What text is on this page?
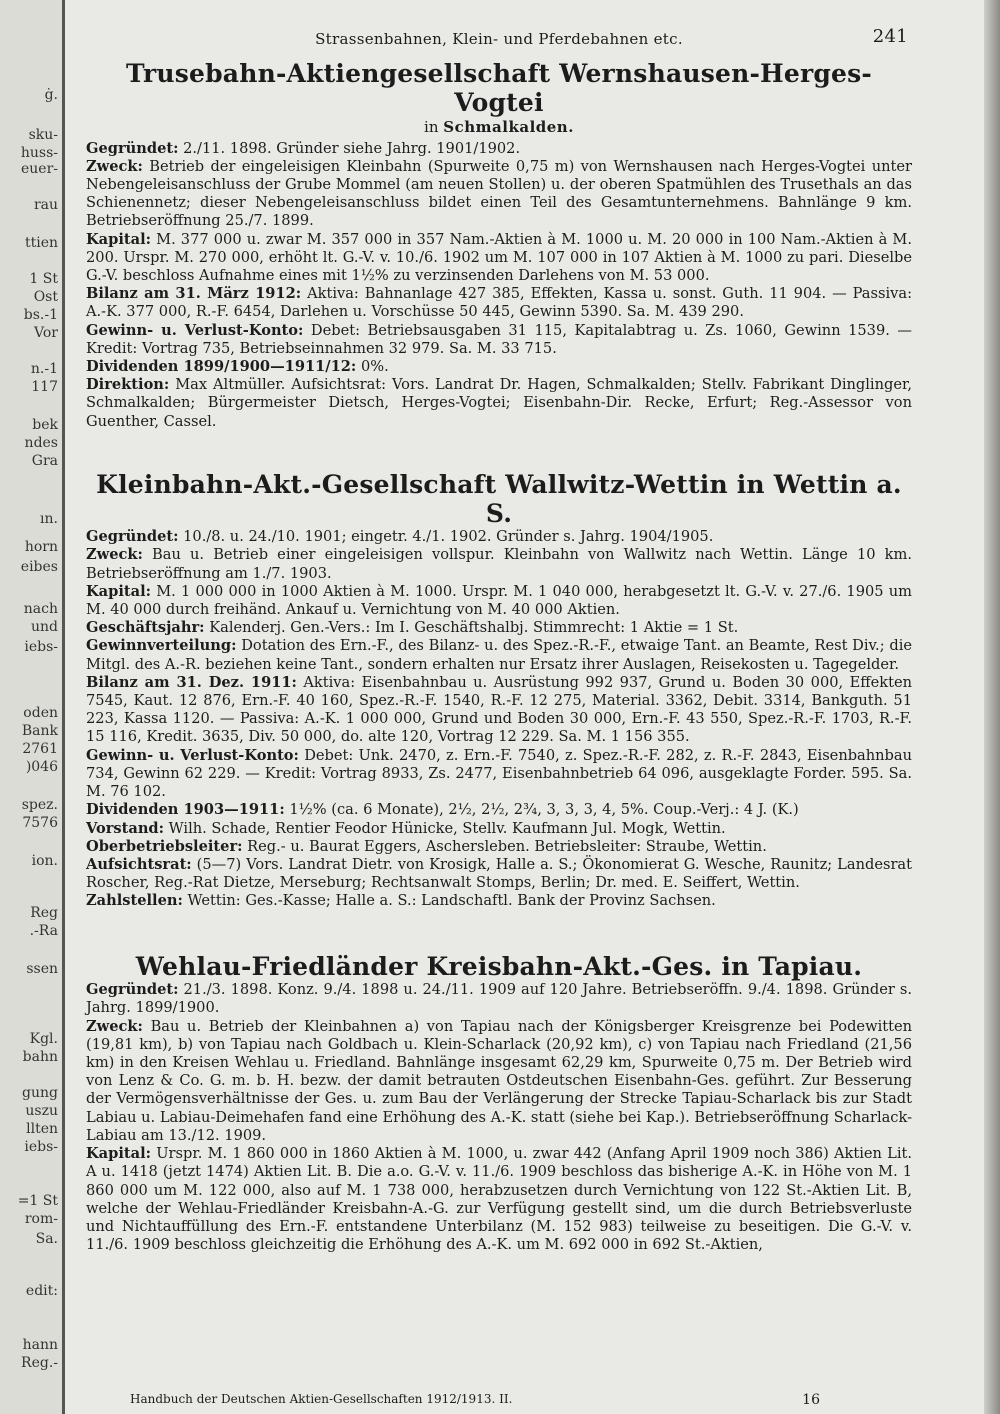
ġ.
sku-
huss-
euer-
rau
ttien
1 St
Ost
bs.-1
Vor
n.-1
117
bek
ndes
Gra
ın.
horn
eibes
nach
und
iebs-
oden
Bank
2761
)046
spez.
7576
ion.
Reg
.-Ra
ssen
Kgl.
bahn
gung
uszu
llten
iebs-
=1 St
rom-
Sa.
edit:
hann
Reg.-
Strassenbahnen, Klein- und Pferdebahnen etc.	241
Trusebahn-Aktiengesellschaft Wernshausen-Herges-Vogtei
in Schmalkalden.

Gegründet: 2./11. 1898. Gründer siehe Jahrg. 1901/1902.

Zweck: Betrieb der eingeleisigen Kleinbahn (Spurweite 0,75 m) von Wernshausen nach Herges-Vogtei unter Nebengeleisanschluss der Grube Mommel (am neuen Stollen) u. der oberen Spatmühlen des Trusethals an das Schienennetz; dieser Nebengeleisanschluss bildet einen Teil des Gesamtunternehmens. Bahnlänge 9 km. Betriebseröffnung 25./7. 1899.

Kapital: M. 377 000 u. zwar M. 357 000 in 357 Nam.-Aktien à M. 1000 u. M. 20 000 in 100 Nam.-Aktien à M. 200. Urspr. M. 270 000, erhöht lt. G.-V. v. 10./6. 1902 um M. 107 000 in 107 Aktien à M. 1000 zu pari. Dieselbe G.-V. beschloss Aufnahme eines mit 1½% zu verzinsenden Darlehens von M. 53 000.

Bilanz am 31. März 1912: Aktiva: Bahnanlage 427 385, Effekten, Kassa u. sonst. Guth. 11 904. — Passiva: A.-K. 377 000, R.-F. 6454, Darlehen u. Vorschüsse 50 445, Gewinn 5390. Sa. M. 439 290.

Gewinn- u. Verlust-Konto: Debet: Betriebsausgaben 31 115, Kapitalabtrag u. Zs. 1060, Gewinn 1539. — Kredit: Vortrag 735, Betriebseinnahmen 32 979. Sa. M. 33 715.

Dividenden 1899/1900—1911/12: 0%.

Direktion: Max Altmüller. Aufsichtsrat: Vors. Landrat Dr. Hagen, Schmalkalden; Stellv. Fabrikant Dinglinger, Schmalkalden; Bürgermeister Dietsch, Herges-Vogtei; Eisenbahn-Dir. Recke, Erfurt; Reg.-Assessor von Guenther, Cassel.

Kleinbahn-Akt.-Gesellschaft Wallwitz-Wettin in Wettin a. S.

Gegründet: 10./8. u. 24./10. 1901; eingetr. 4./1. 1902. Gründer s. Jahrg. 1904/1905.

Zweck: Bau u. Betrieb einer eingeleisigen vollspur. Kleinbahn von Wallwitz nach Wettin. Länge 10 km. Betriebseröffnung am 1./7. 1903.

Kapital: M. 1 000 000 in 1000 Aktien à M. 1000. Urspr. M. 1 040 000, herabgesetzt lt. G.-V. v. 27./6. 1905 um M. 40 000 durch freihänd. Ankauf u. Vernichtung von M. 40 000 Aktien.

Geschäftsjahr: Kalenderj. Gen.-Vers.: Im I. Geschäftshalbj. Stimmrecht: 1 Aktie = 1 St.

Gewinnverteilung: Dotation des Ern.-F., des Bilanz- u. des Spez.-R.-F., etwaige Tant. an Beamte, Rest Div.; die Mitgl. des A.-R. beziehen keine Tant., sondern erhalten nur Ersatz ihrer Auslagen, Reisekosten u. Tagegelder.

Bilanz am 31. Dez. 1911: Aktiva: Eisenbahnbau u. Ausrüstung 992 937, Grund u. Boden 30 000, Effekten 7545, Kaut. 12 876, Ern.-F. 40 160, Spez.-R.-F. 1540, R.-F. 12 275, Material. 3362, Debit. 3314, Bankguth. 51 223, Kassa 1120. — Passiva: A.-K. 1 000 000, Grund und Boden 30 000, Ern.-F. 43 550, Spez.-R.-F. 1703, R.-F. 15 116, Kredit. 3635, Div. 50 000, do. alte 120, Vortrag 12 229. Sa. M. 1 156 355.

Gewinn- u. Verlust-Konto: Debet: Unk. 2470, z. Ern.-F. 7540, z. Spez.-R.-F. 282, z. R.-F. 2843, Eisenbahnbau 734, Gewinn 62 229. — Kredit: Vortrag 8933, Zs. 2477, Eisenbahnbetrieb 64 096, ausgeklagte Forder. 595. Sa. M. 76 102.

Dividenden 1903—1911: 1½% (ca. 6 Monate), 2½, 2½, 2¾, 3, 3, 3, 4, 5%. Coup.-Verj.: 4 J. (K.)

Vorstand: Wilh. Schade, Rentier Feodor Hünicke, Stellv. Kaufmann Jul. Mogk, Wettin.

Oberbetriebsleiter: Reg.- u. Baurat Eggers, Aschersleben. Betriebsleiter: Straube, Wettin.

Aufsichtsrat: (5—7) Vors. Landrat Dietr. von Krosigk, Halle a. S.; Ökonomierat G. Wesche, Raunitz; Landesrat Roscher, Reg.-Rat Dietze, Merseburg; Rechtsanwalt Stomps, Berlin; Dr. med. E. Seiffert, Wettin.

Zahlstellen: Wettin: Ges.-Kasse; Halle a. S.: Landschaftl. Bank der Provinz Sachsen.

Wehlau-Friedländer Kreisbahn-Akt.-Ges. in Tapiau.

Gegründet: 21./3. 1898. Konz. 9./4. 1898 u. 24./11. 1909 auf 120 Jahre. Betriebseröffn. 9./4. 1898. Gründer s. Jahrg. 1899/1900.

Zweck: Bau u. Betrieb der Kleinbahnen a) von Tapiau nach der Königsberger Kreisgrenze bei Podewitten (19,81 km), b) von Tapiau nach Goldbach u. Klein-Scharlack (20,92 km), c) von Tapiau nach Friedland (21,56 km) in den Kreisen Wehlau u. Friedland. Bahnlänge insgesamt 62,29 km, Spurweite 0,75 m. Der Betrieb wird von Lenz & Co. G. m. b. H. bezw. der damit betrauten Ostdeutschen Eisenbahn-Ges. geführt. Zur Besserung der Vermögensverhältnisse der Ges. u. zum Bau der Verlängerung der Strecke Tapiau-Scharlack bis zur Stadt Labiau u. Labiau-Deimehafen fand eine Erhöhung des A.-K. statt (siehe bei Kap.). Betriebseröffnung Scharlack-Labiau am 13./12. 1909.

Kapital: Urspr. M. 1 860 000 in 1860 Aktien à M. 1000, u. zwar 442 (Anfang April 1909 noch 386) Aktien Lit. A u. 1418 (jetzt 1474) Aktien Lit. B. Die a.o. G.-V. v. 11./6. 1909 beschloss das bisherige A.-K. in Höhe von M. 1 860 000 um M. 122 000, also auf M. 1 738 000, herabzusetzen durch Vernichtung von 122 St.-Aktien Lit. B, welche der Wehlau-Friedländer Kreisbahn-A.-G. zur Verfügung gestellt sind, um die durch Betriebsverluste und Nichtauffüllung des Ern.-F. entstandene Unterbilanz (M. 152 983) teilweise zu beseitigen. Die G.-V. v. 11./6. 1909 beschloss gleichzeitig die Erhöhung des A.-K. um M. 692 000 in 692 St.-Aktien,

Handbuch der Deutschen Aktien-Gesellschaften 1912/1913. II.	16
